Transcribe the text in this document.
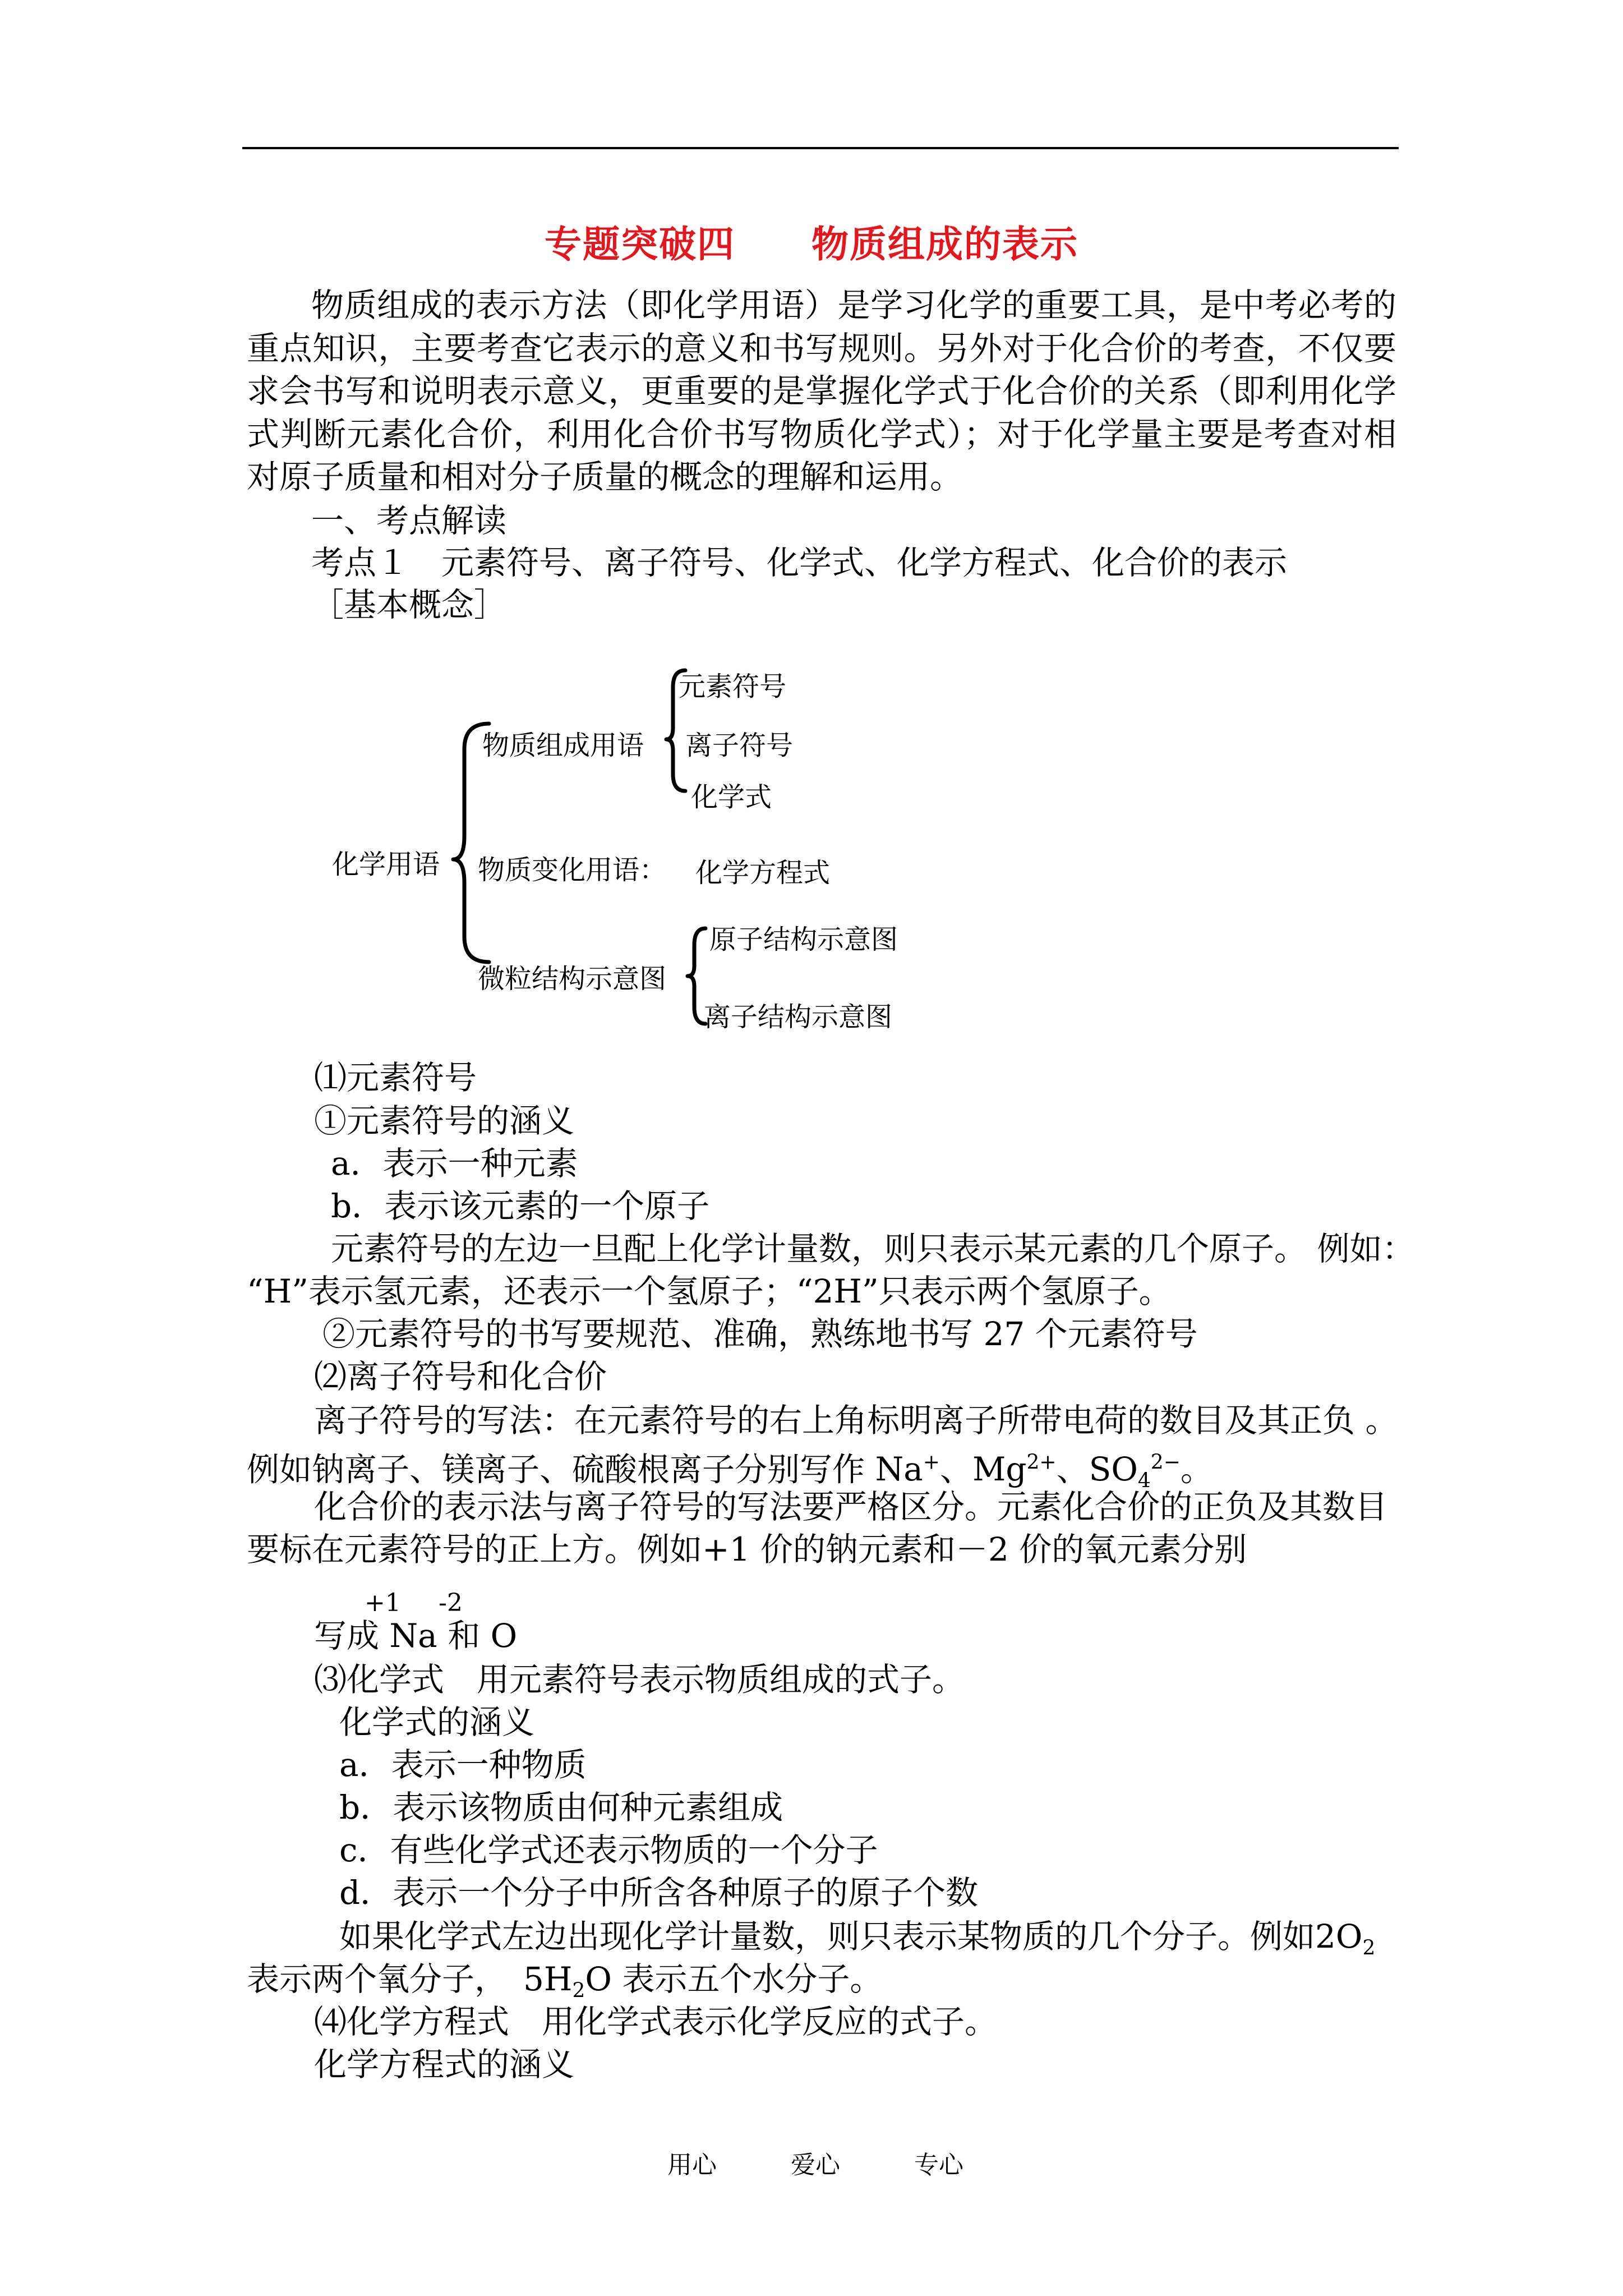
专题突破四　　物质组成的表示
物质组成的表示方法（即化学用语）是学习化学的重要工具，是中考必考的重点知识，主要考查它表示的意义和书写规则。另外对于化合价的考查，不仅要求会书写和说明表示意义，更重要的是掌握化学式于化合价的关系（即利用化学式判断元素化合价，利用化合价书写物质化学式）；对于化学量主要是考查对相对原子质量和相对分子质量的概念的理解和运用。
一、考点解读
考点１　元素符号、离子符号、化学式、化学方程式、化合价的表示
［基本概念］
化学用语
物质组成用语
元素符号
离子符号
化学式
物质变化用语： 化学方程式
微粒结构示意图
原子结构示意图
离子结构示意图
⑴元素符号
①元素符号的涵义
a．表示一种元素
b．表示该元素的一个原子
元素符号的左边一旦配上化学计量数，则只表示某元素的几个原子。 例如：
“H”表示氢元素，还表示一个氢原子；“2H”只表示两个氢原子。
②元素符号的书写要规范、准确，熟练地书写 27 个元素符号
⑵离子符号和化合价
离子符号的写法：在元素符号的右上角标明离子所带电荷的数目及其正负 。
例如钠离子、镁离子、硫酸根离子分别写作 Na+、$Mg^{2+}$、$SO_4^{2-}$。
化合价的表示法与离子符号的写法要严格区分。元素化合价的正负及其数目
要标在元素符号的正上方。例如+1 价的钠元素和－2 价的氧元素分别
+1 -2
写成 Na 和 O
⑶化学式　用元素符号表示物质组成的式子。
化学式的涵义
a．表示一种物质
b．表示该物质由何种元素组成
c．有些化学式还表示物质的一个分子
d．表示一个分子中所含各种原子的原子个数
如果化学式左边出现化学计量数，则只表示某物质的几个分子。例如$2O_2$
表示两个氧分子，　$5H_2O$ 表示五个水分子。
⑷化学方程式　用化学式表示化学反应的式子。
化学方程式的涵义
用心	爱心	专心
